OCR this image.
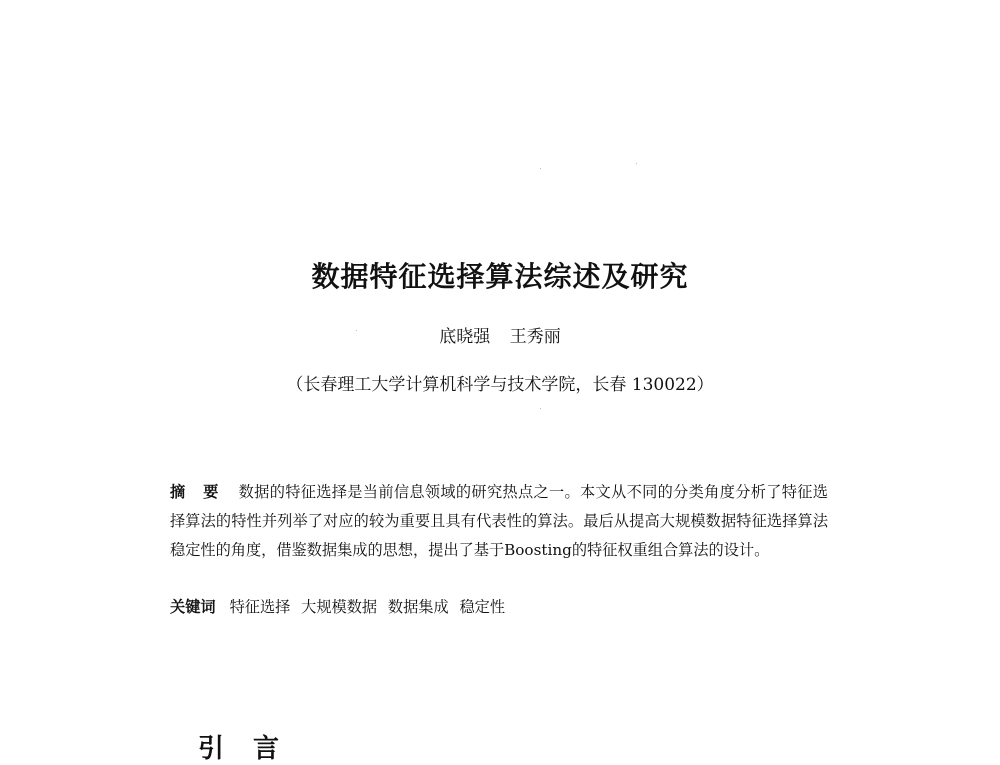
数据特征选择算法综述及研究
底晓强 王秀丽
（长春理工大学计算机科学与技术学院，长春 130022）
摘 要 数据的特征选择是当前信息领域的研究热点之一。本文从不同的分类角度分析了特征选择算法的特性并列举了对应的较为重要且具有代表性的算法。最后从提高大规模数据特征选择算法稳定性的角度，借鉴数据集成的思想，提出了基于Boosting的特征权重组合算法的设计。
关键词 特征选择 大规模数据 数据集成 稳定性
引 言
